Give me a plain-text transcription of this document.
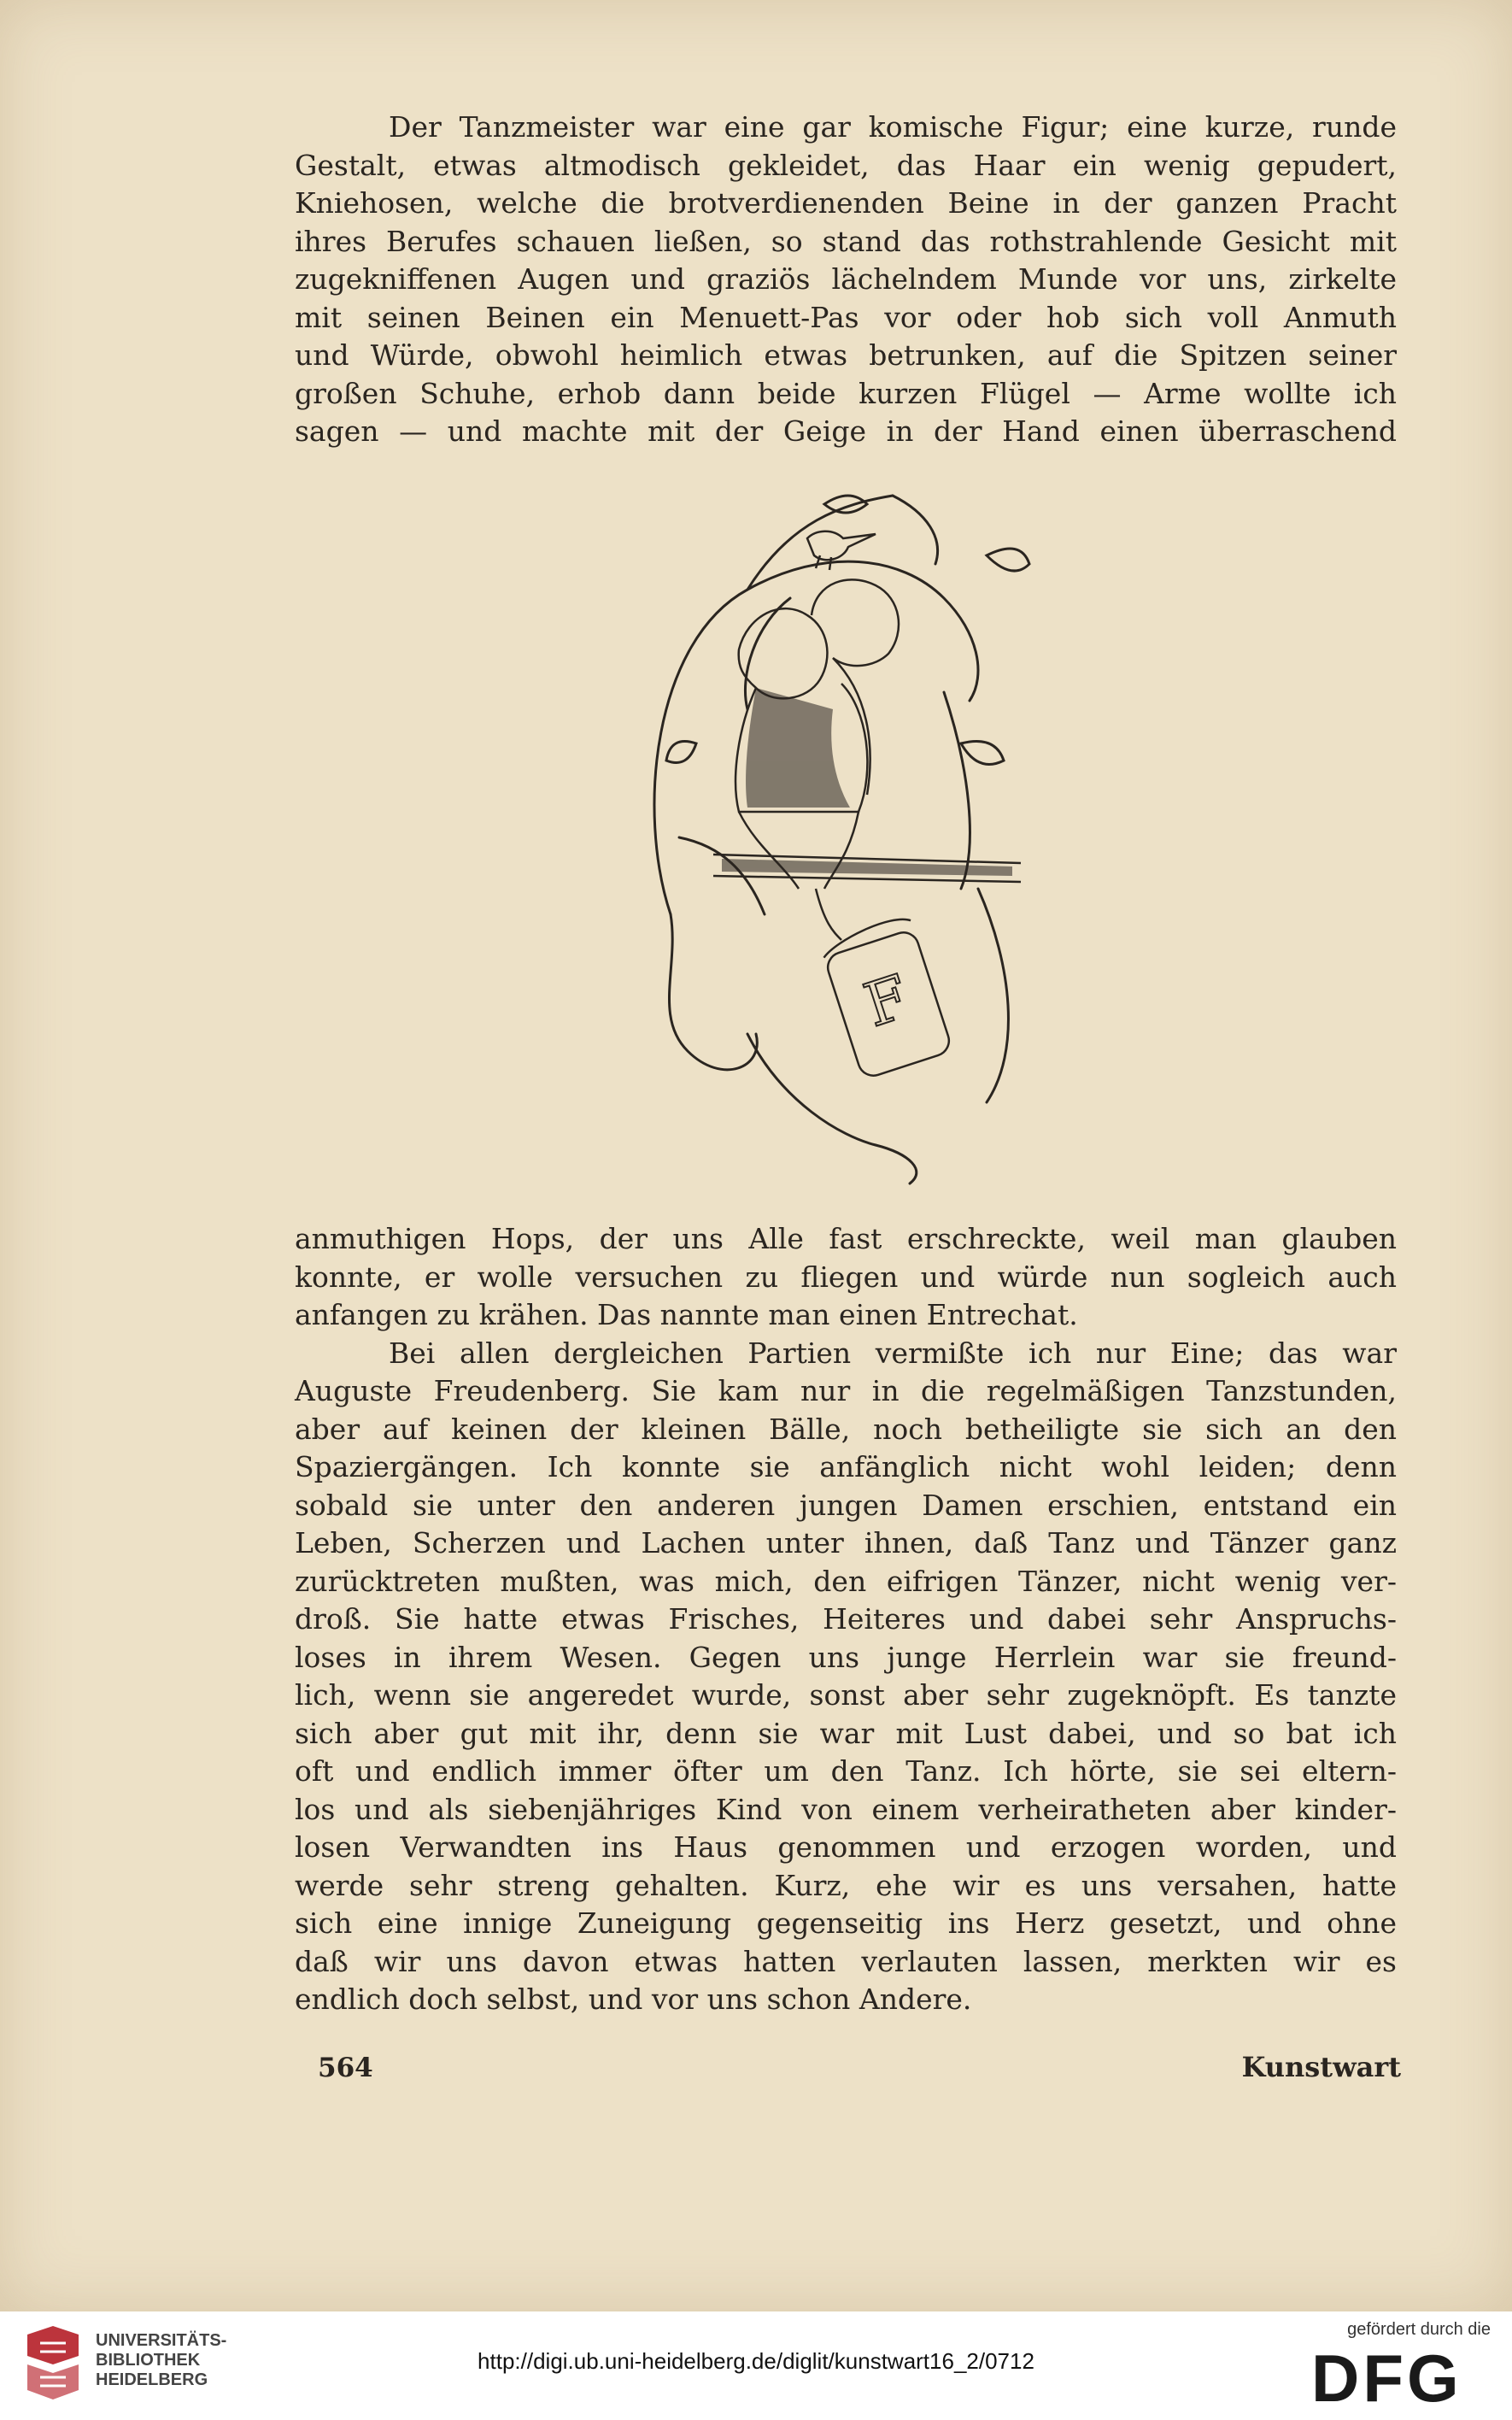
Der Tanzmeister war eine gar komische Figur; eine kurze, runde
Gestalt, etwas altmodisch gekleidet, das Haar ein wenig gepudert,
Kniehosen, welche die brotverdienenden Beine in der ganzen Pracht
ihres Berufes schauen ließen, so stand das rothstrahlende Gesicht mit
zugekniffenen Augen und graziös lächelndem Munde vor uns, zirkelte
mit seinen Beinen ein Menuett-Pas vor oder hob sich voll Anmuth
und Würde, obwohl heimlich etwas betrunken, auf die Spitzen seiner
großen Schuhe, erhob dann beide kurzen Flügel — Arme wollte ich
sagen — und machte mit der Geige in der Hand einen überraschend
F
anmuthigen Hops, der uns Alle fast erschreckte, weil man glauben
konnte, er wolle versuchen zu fliegen und würde nun sogleich auch
anfangen zu krähen. Das nannte man einen Entrechat.
Bei allen dergleichen Partien vermißte ich nur Eine; das war
Auguste Freudenberg. Sie kam nur in die regelmäßigen Tanzstunden,
aber auf keinen der kleinen Bälle, noch betheiligte sie sich an den
Spaziergängen. Ich konnte sie anfänglich nicht wohl leiden; denn
sobald sie unter den anderen jungen Damen erschien, entstand ein
Leben, Scherzen und Lachen unter ihnen, daß Tanz und Tänzer ganz
zurücktreten mußten, was mich, den eifrigen Tänzer, nicht wenig ver-
droß. Sie hatte etwas Frisches, Heiteres und dabei sehr Anspruchs-
loses in ihrem Wesen. Gegen uns junge Herrlein war sie freund-
lich, wenn sie angeredet wurde, sonst aber sehr zugeknöpft. Es tanzte
sich aber gut mit ihr, denn sie war mit Lust dabei, und so bat ich
oft und endlich immer öfter um den Tanz. Ich hörte, sie sei eltern-
los und als siebenjähriges Kind von einem verheiratheten aber kinder-
losen Verwandten ins Haus genommen und erzogen worden, und
werde sehr streng gehalten. Kurz, ehe wir es uns versahen, hatte
sich eine innige Zuneigung gegenseitig ins Herz gesetzt, und ohne
daß wir uns davon etwas hatten verlauten lassen, merkten wir es
endlich doch selbst, und vor uns schon Andere.
564	Kunstwart
UNIVERSITÄTS-
BIBLIOTHEK
HEIDELBERG
http://digi.ub.uni-heidelberg.de/diglit/kunstwart16_2/0712
gefördert durch die
DFG
